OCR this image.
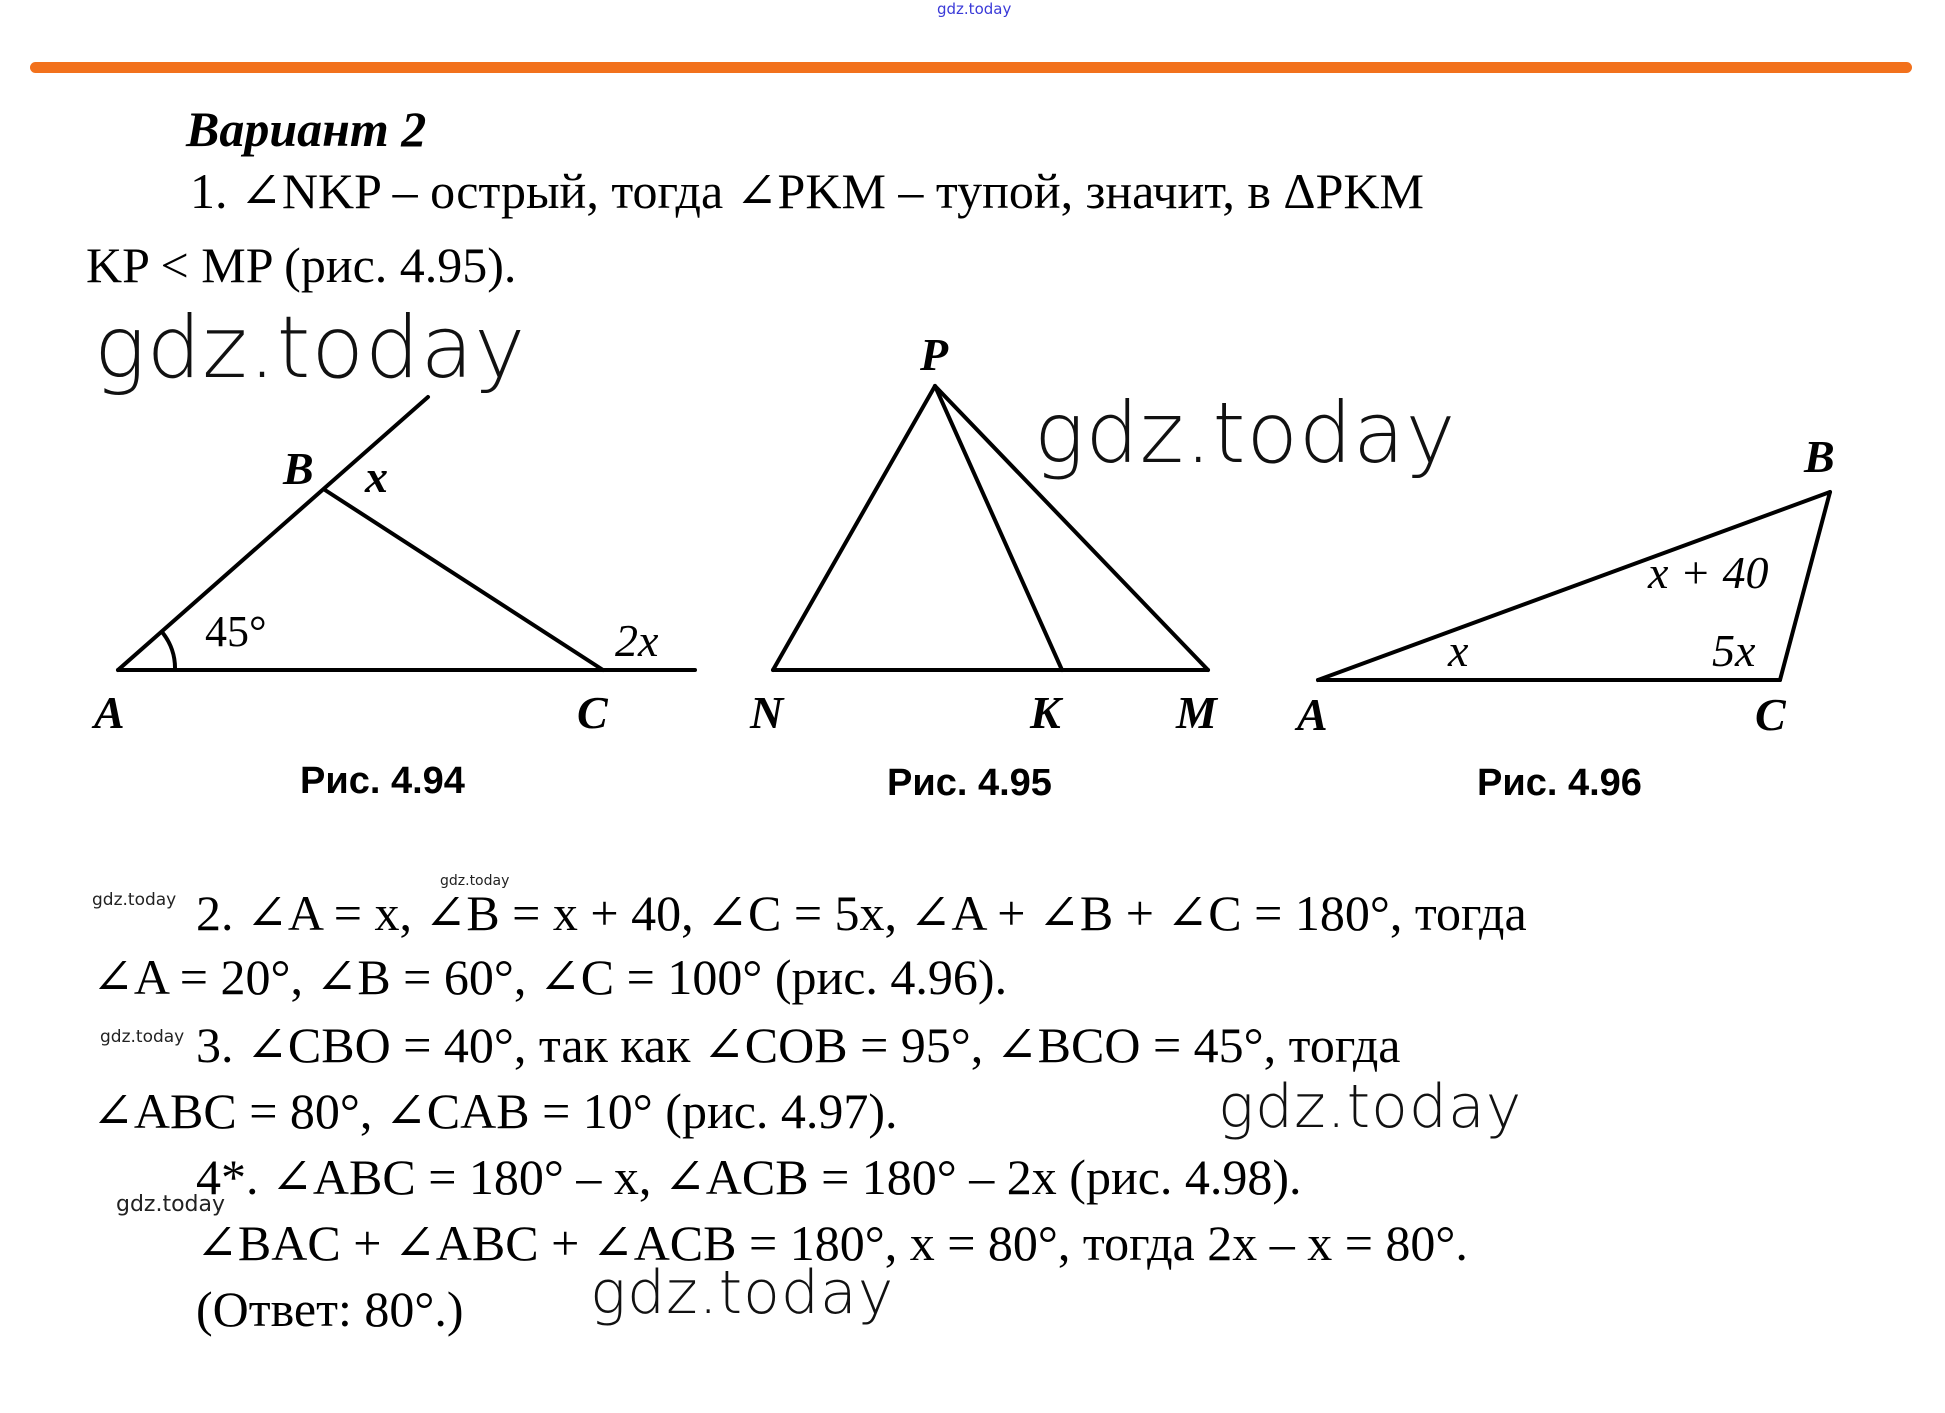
gdz.today
Вариант 2
1. ∠NKP – острый, тогда ∠PKM – тупой, значит, в ΔPKM
KP < MP (рис. 4.95).
2. ∠A = x, ∠B = x + 40, ∠C = 5x, ∠A + ∠B + ∠C = 180°, тогда
∠A = 20°, ∠B = 60°, ∠C = 100° (рис. 4.96).
3. ∠CBO = 40°, так как ∠COB = 95°, ∠BCO = 45°, тогда
∠ABC = 80°, ∠CAB = 10° (рис. 4.97).
4*. ∠ABC = 180° – x, ∠ACB = 180° – 2x (рис. 4.98).
∠BAC + ∠ABC + ∠ACB = 180°, x = 80°, тогда 2x – x = 80°.
(Ответ: 80°.)
A
B
C
45°
x
2x
P
N	K	M A
B
C
x
x + 40
5x
Рис. 4.94	Рис. 4.95	Рис. 4.96
gdz.today
gdz.today
gdz.today
gdz.today
gdz.today
gdz.today
gdz.today
gdz.today
